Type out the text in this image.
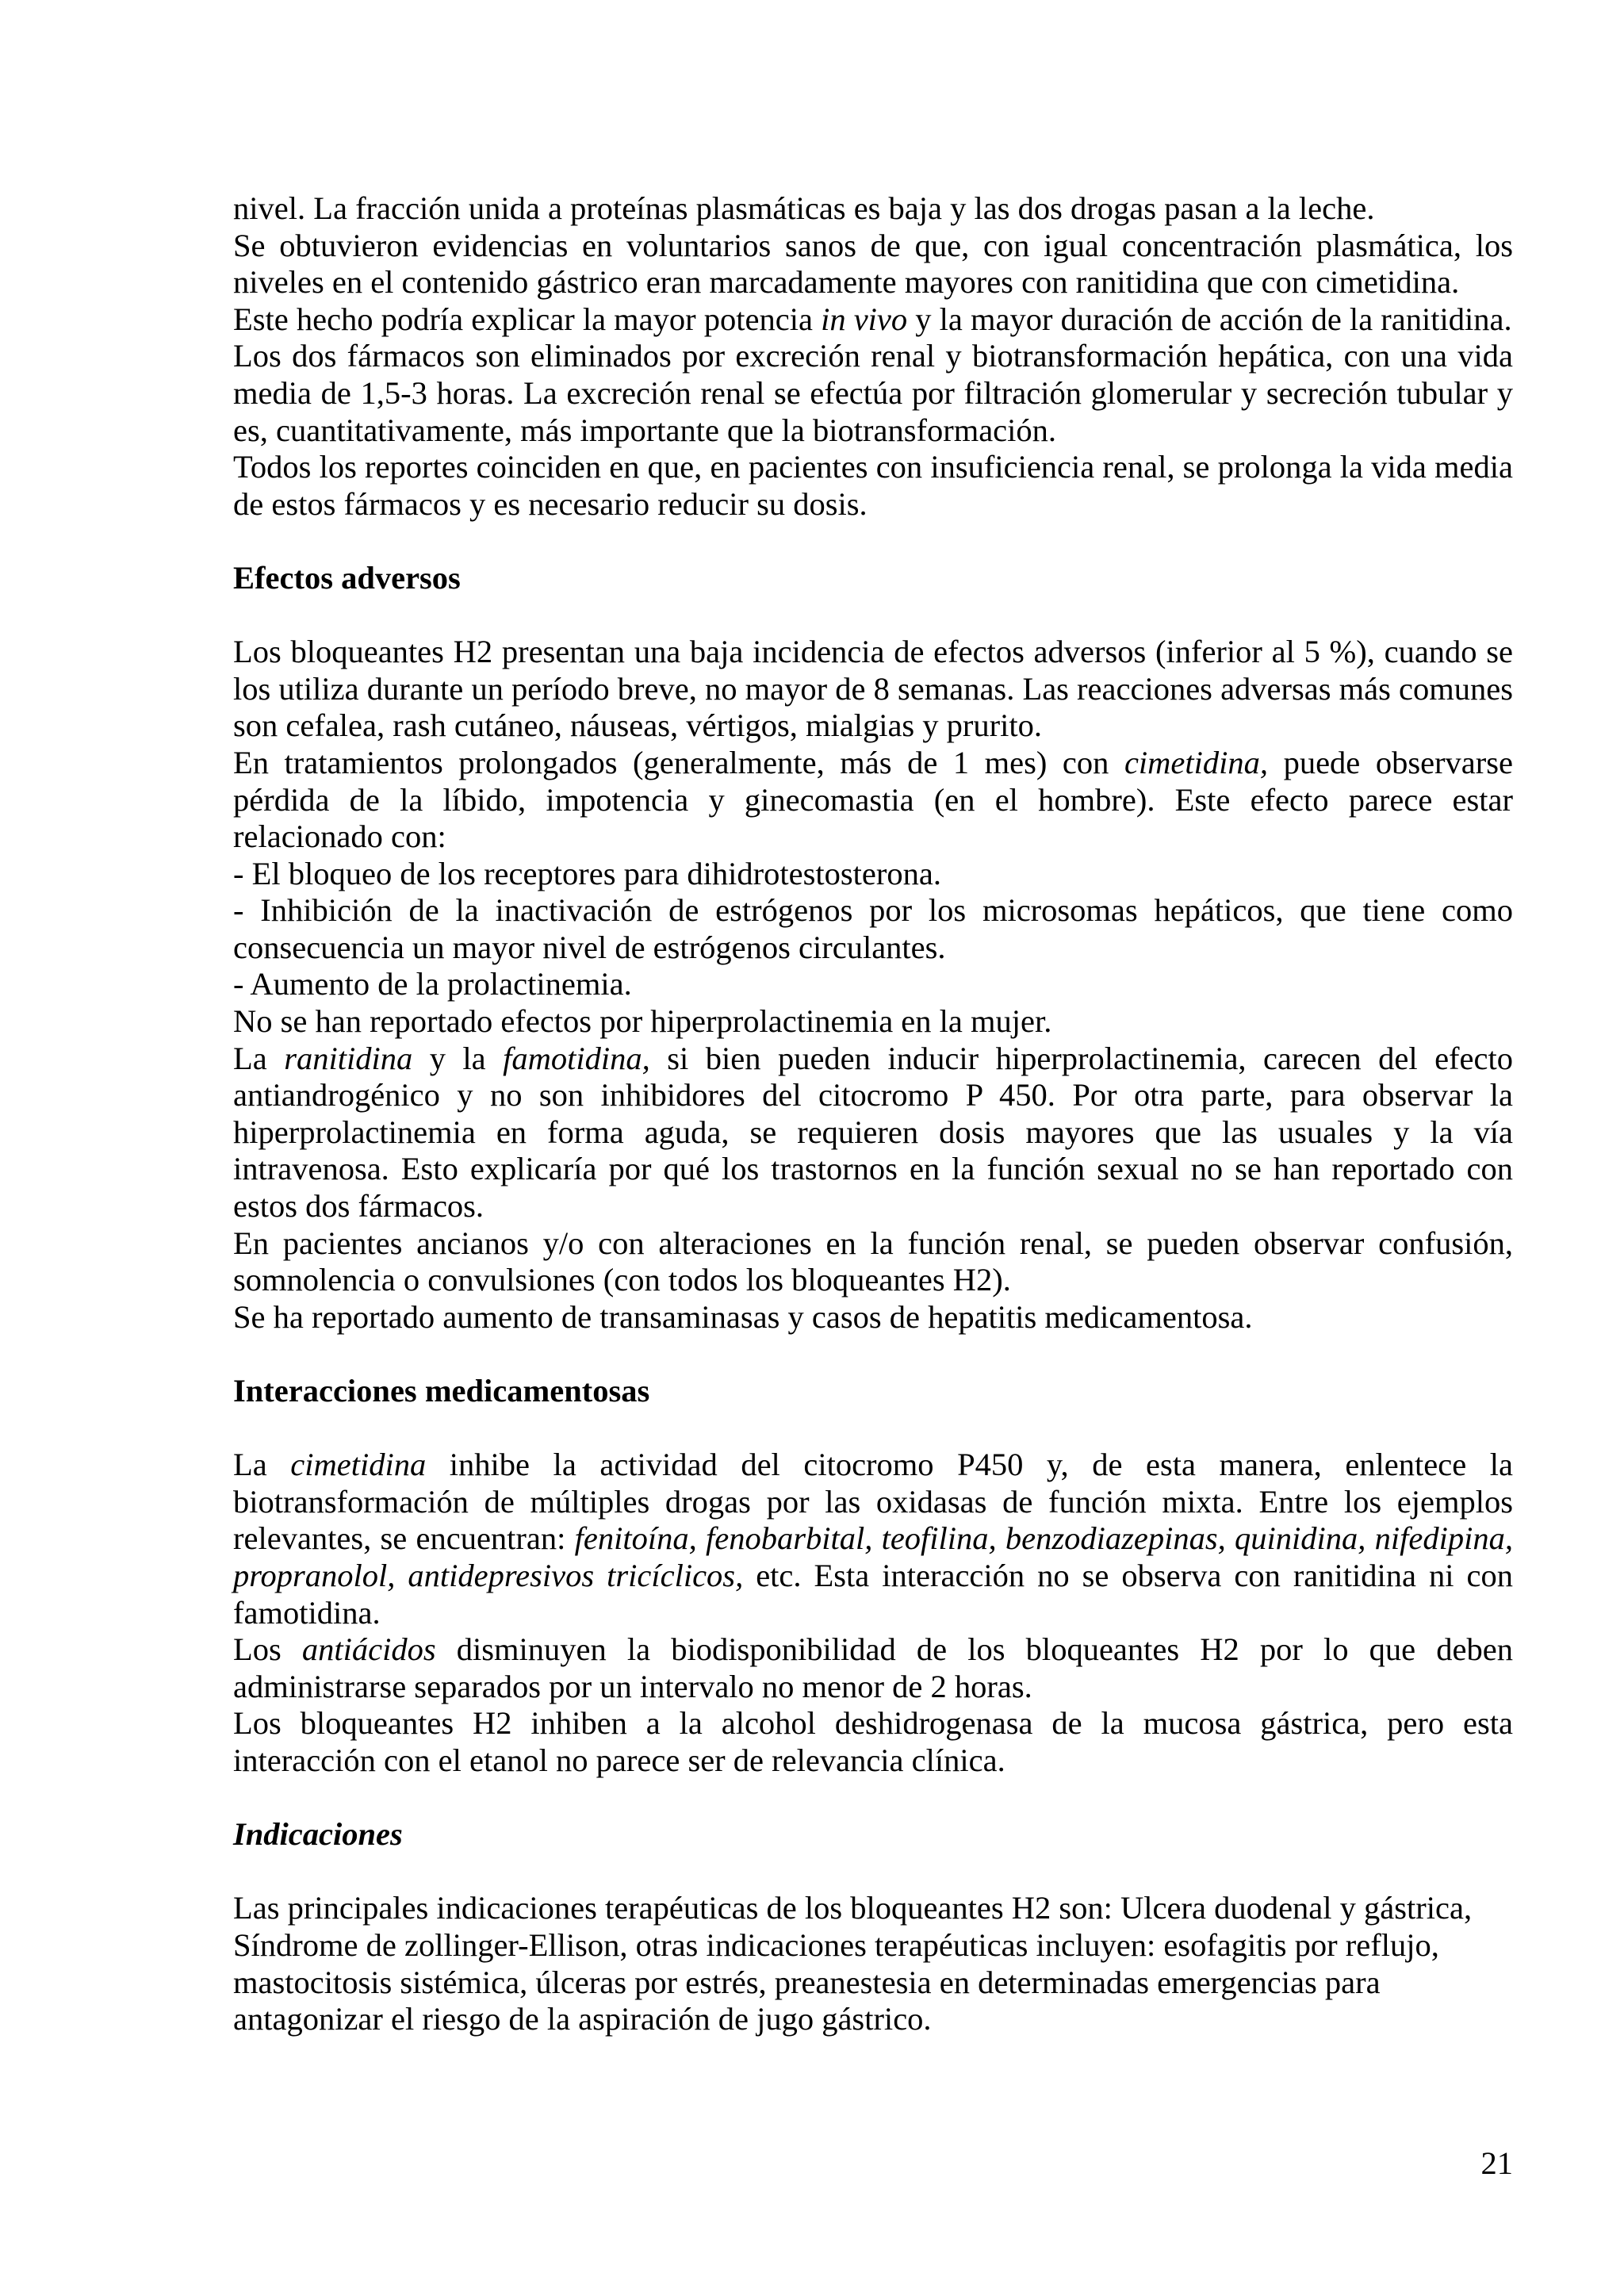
nivel. La fracción unida a proteínas plasmáticas es baja y las dos drogas pasan a la leche.

Se obtuvieron evidencias en voluntarios sanos de que, con igual concentración plasmática, los niveles en el contenido gástrico eran marcadamente mayores con ranitidina que con cimetidina.

Este hecho podría explicar la mayor potencia in vivo y la mayor duración de acción de la ranitidina.

Los dos fármacos son eliminados por excreción renal y biotransformación hepática, con una vida media de 1,5-3 horas. La excreción renal se efectúa por filtración glomerular y secreción tubular y es, cuantitativamente, más importante que la biotransformación.

Todos los reportes coinciden en que, en pacientes con insuficiencia renal, se prolonga la vida media de estos fármacos y es necesario reducir su dosis.

Efectos adversos

Los bloqueantes H2 presentan una baja incidencia de efectos adversos (inferior al 5 %), cuando se los utiliza durante un período breve, no mayor de 8 semanas. Las reacciones adversas más comunes son cefalea, rash cutáneo, náuseas, vértigos, mialgias y prurito.

En tratamientos prolongados (generalmente, más de 1 mes) con cimetidina, puede observarse pérdida de la líbido, impotencia y ginecomastia (en el hombre). Este efecto parece estar relacionado con:

- El bloqueo de los receptores para dihidrotestosterona.

- Inhibición de la inactivación de estrógenos por los microsomas hepáticos, que tiene como consecuencia un mayor nivel de estrógenos circulantes.

- Aumento de la prolactinemia.

No se han reportado efectos por hiperprolactinemia en la mujer.

La ranitidina y la famotidina, si bien pueden inducir hiperprolactinemia, carecen del efecto antiandrogénico y no son inhibidores del citocromo P 450. Por otra parte, para observar la hiperprolactinemia en forma aguda, se requieren dosis mayores que las usuales y la vía intravenosa. Esto explicaría por qué los trastornos en la función sexual no se han reportado con estos dos fármacos.

En pacientes ancianos y/o con alteraciones en la función renal, se pueden observar confusión, somnolencia o convulsiones (con todos los bloqueantes H2).

Se ha reportado aumento de transaminasas y casos de hepatitis medicamentosa.

Interacciones medicamentosas

La cimetidina inhibe la actividad del citocromo P450 y, de esta manera, enlentece la biotransformación de múltiples drogas por las oxidasas de función mixta. Entre los ejemplos relevantes, se encuentran: fenitoína, fenobarbital, teofilina, benzodiazepinas, quinidina, nifedipina, propranolol, antidepresivos tricíclicos, etc. Esta interacción no se observa con ranitidina ni con famotidina.

Los antiácidos disminuyen la biodisponibilidad de los bloqueantes H2 por lo que deben administrarse separados por un intervalo no menor de 2 horas.

Los bloqueantes H2 inhiben a la alcohol deshidrogenasa de la mucosa gástrica, pero esta interacción con el etanol no parece ser de relevancia clínica.

Indicaciones

Las principales indicaciones terapéuticas de los bloqueantes H2 son: Ulcera duodenal y gástrica,
Síndrome de zollinger-Ellison, otras indicaciones terapéuticas incluyen: esofagitis por reflujo,
mastocitosis sistémica, úlceras por estrés, preanestesia en determinadas emergencias para
antagonizar el riesgo de la aspiración de jugo gástrico.
21
